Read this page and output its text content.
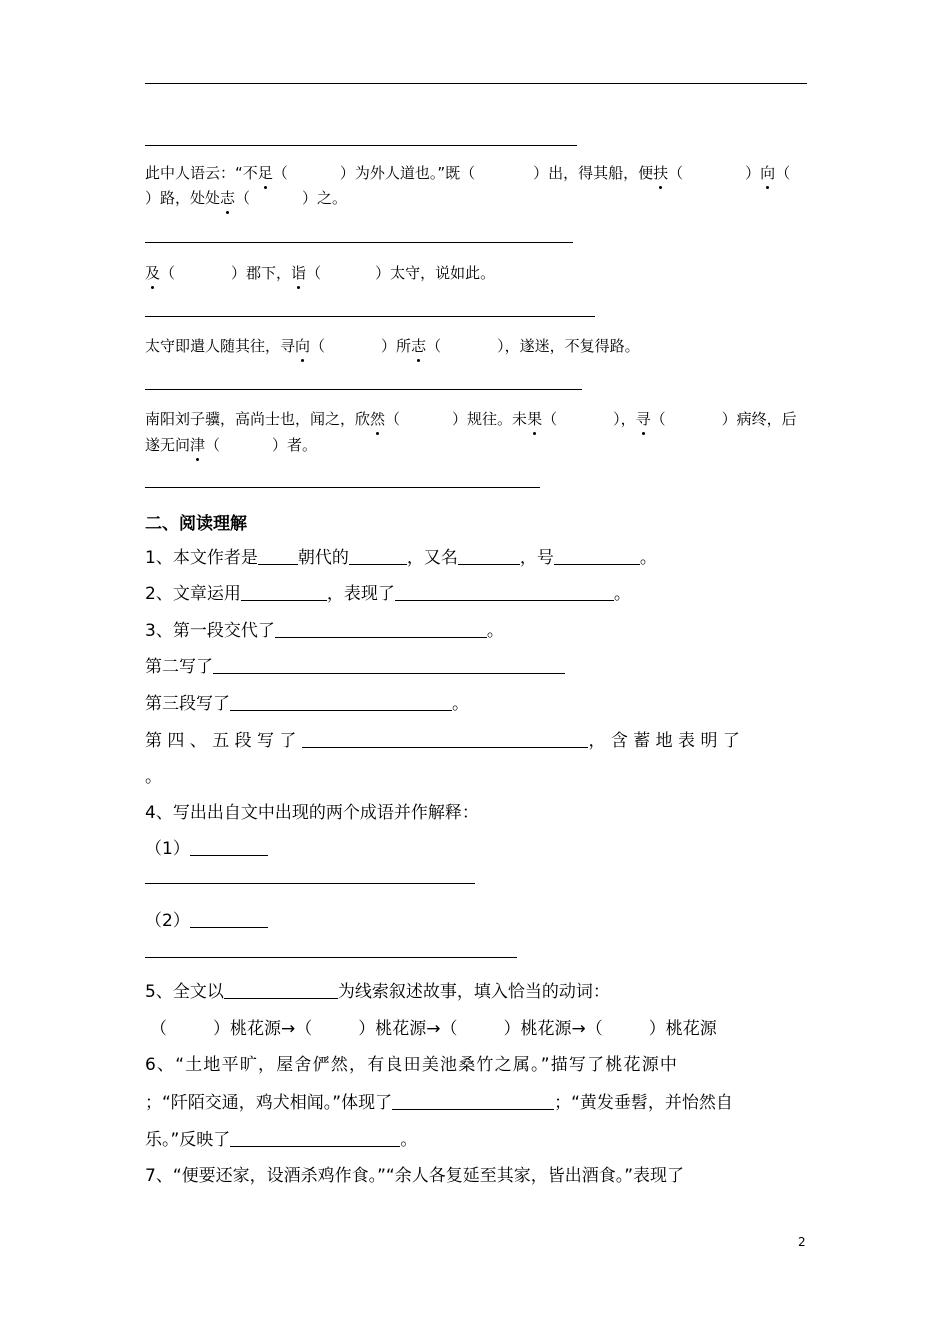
此中人语云：“不足（	）为外人道也。”既（	）出，得其船，便扶（	）向（
）路，处处志（	）之。
及（	）郡下，诣（	）太守，说如此。
太守即遣人随其往，寻向（	）所志（	），遂迷，不复得路。
南阳刘子骥，高尚士也，闻之，欣然（	）规往。未果（	），寻（	）病终，后
遂无问津（	）者。
二、阅读理解
1、本文作者是 朝代的	，又名	，号	。
2、文章运用	，表现了	。
3、第一段交代了	。
第二写了
第三段写了	。
第 四 、 五 段 写 了	， 含 蓄 地 表 明 了
。
4、写出出自文中出现的两个成语并作解释：
（1）
（2）
5、全文以	为线索叙述故事，填入恰当的动词：
（	）桃花源→（	）桃花源→（	）桃花源→（	）桃花源
6、“土地平旷，屋舍俨然，有良田美池桑竹之属。”描写了桃花源中
；“阡陌交通，鸡犬相闻。”体现了	；“黄发垂髫，并怡然自
乐。”反映了	。
7、“便要还家，设酒杀鸡作食。”“余人各复延至其家，皆出酒食。”表现了
2
